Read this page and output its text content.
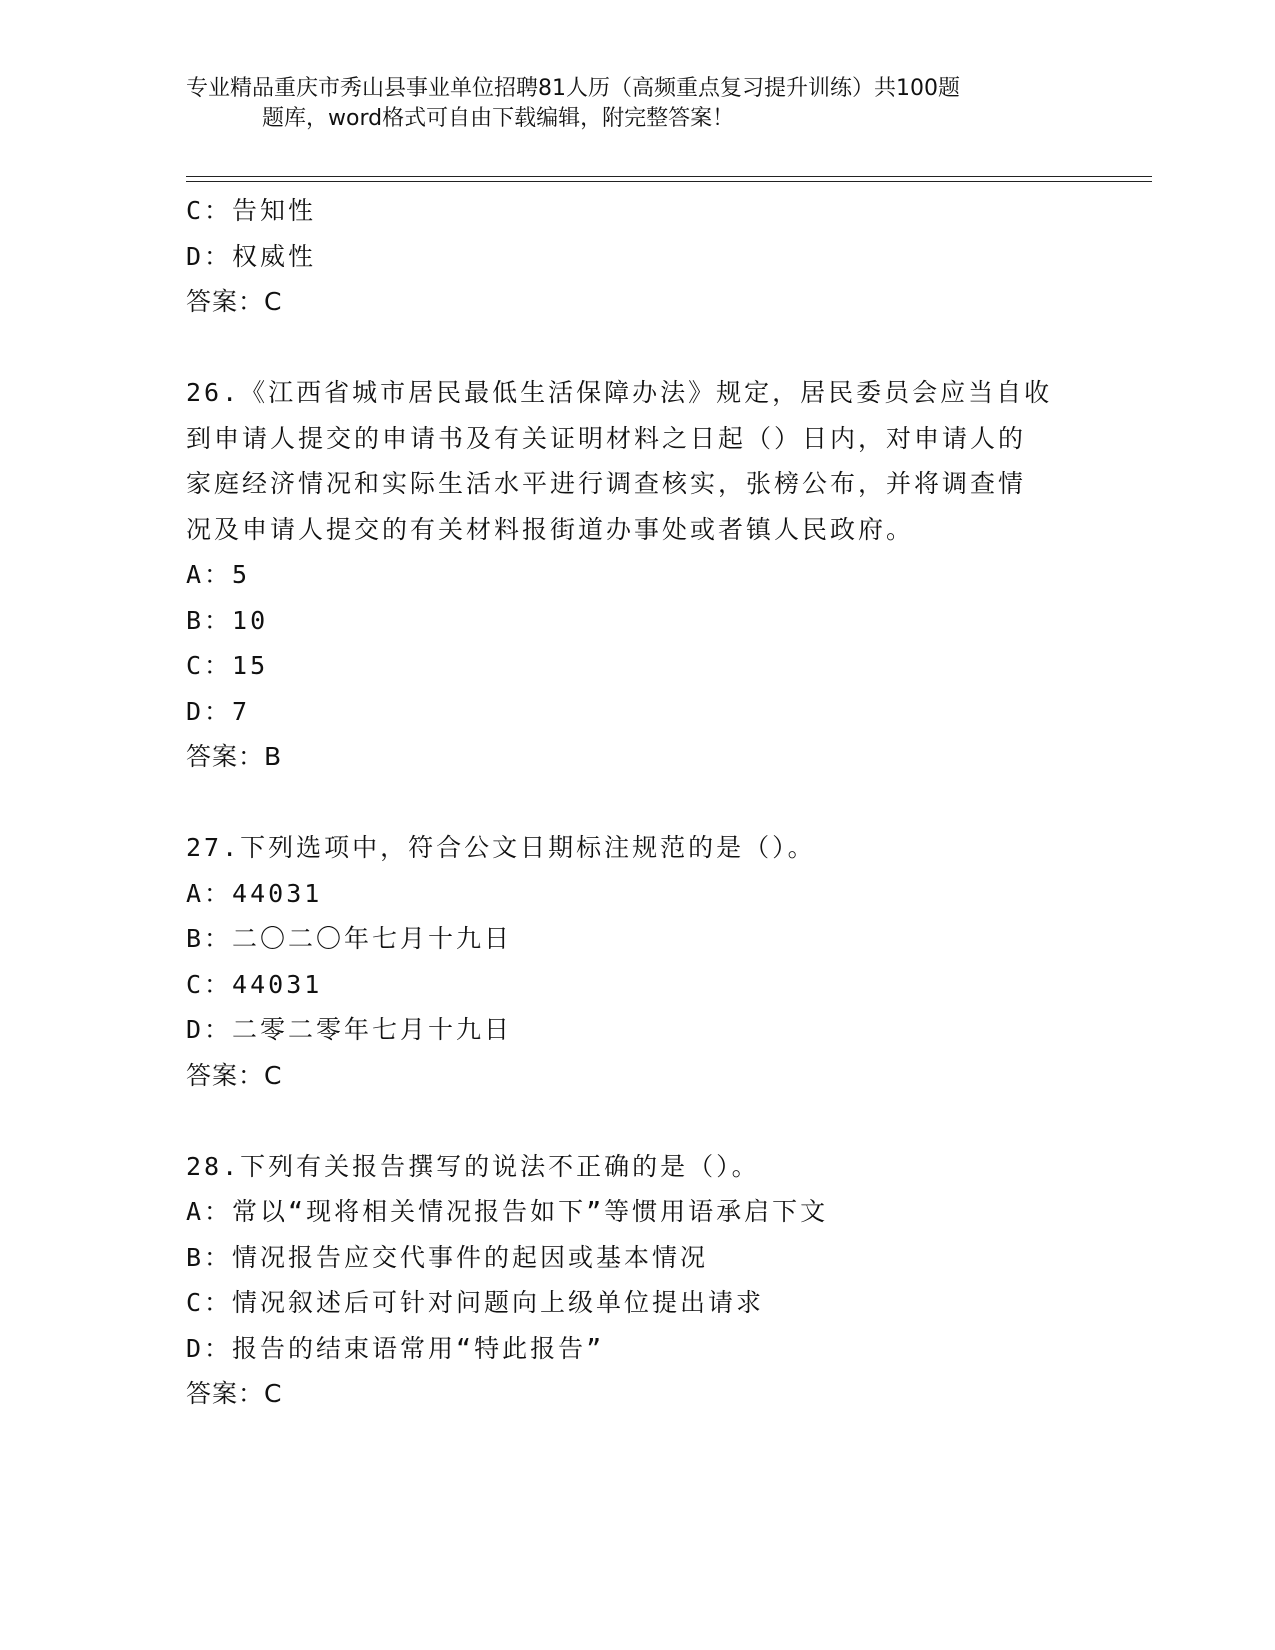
专业精品重庆市秀山县事业单位招聘81人历（高频重点复习提升训练）共100题
题库，word格式可自由下载编辑，附完整答案！
C：告知性
D：权威性
答案：C
26.《江西省城市居民最低生活保障办法》规定，居民委员会应当自收
到申请人提交的申请书及有关证明材料之日起（）日内，对申请人的
家庭经济情况和实际生活水平进行调查核实，张榜公布，并将调查情
况及申请人提交的有关材料报街道办事处或者镇人民政府。
A：5
B：10
C：15
D：7
答案：B
27.下列选项中，符合公文日期标注规范的是（）。
A：44031
B：二〇二〇年七月十九日
C：44031
D：二零二零年七月十九日
答案：C
28.下列有关报告撰写的说法不正确的是（）。
A：常以“现将相关情况报告如下”等惯用语承启下文
B：情况报告应交代事件的起因或基本情况
C：情况叙述后可针对问题向上级单位提出请求
D：报告的结束语常用“特此报告”
答案：C
